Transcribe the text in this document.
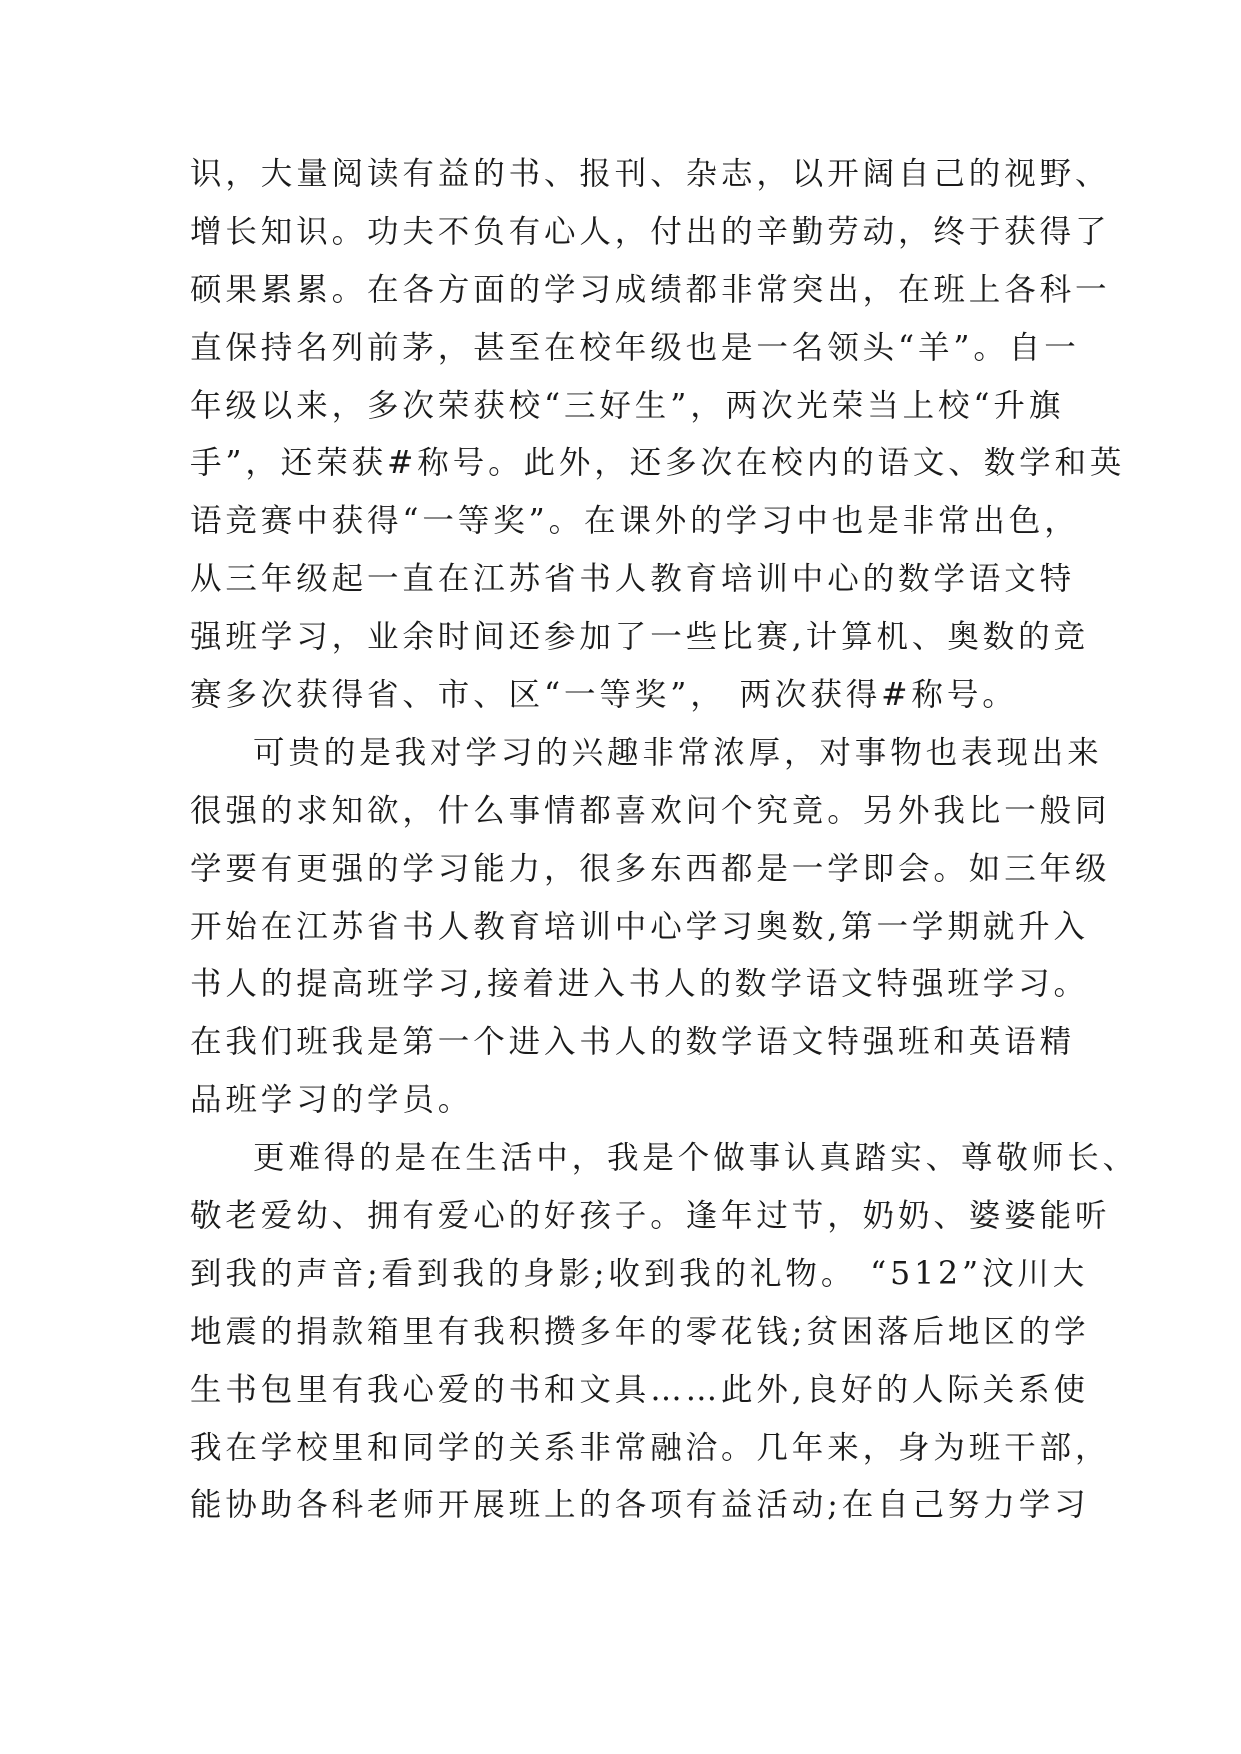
识，大量阅读有益的书、报刊、杂志，以开阔自己的视野、
增长知识。功夫不负有心人，付出的辛勤劳动，终于获得了
硕果累累。在各方面的学习成绩都非常突出，在班上各科一
直保持名列前茅，甚至在校年级也是一名领头“羊”。自一
年级以来，多次荣获校“三好生”，两次光荣当上校“升旗
手”，还荣获#称号。此外，还多次在校内的语文、数学和英
语竞赛中获得“一等奖”。在课外的学习中也是非常出色，
从三年级起一直在江苏省书人教育培训中心的数学语文特
强班学习，业余时间还参加了一些比赛,计算机、奥数的竞
赛多次获得省、市、区“一等奖”， 两次获得#称号。
可贵的是我对学习的兴趣非常浓厚，对事物也表现出来
很强的求知欲，什么事情都喜欢问个究竟。另外我比一般同
学要有更强的学习能力，很多东西都是一学即会。如三年级
开始在江苏省书人教育培训中心学习奥数,第一学期就升入
书人的提高班学习,接着进入书人的数学语文特强班学习。
在我们班我是第一个进入书人的数学语文特强班和英语精
品班学习的学员。
更难得的是在生活中，我是个做事认真踏实、尊敬师长、
敬老爱幼、拥有爱心的好孩子。逢年过节，奶奶、婆婆能听
到我的声音;看到我的身影;收到我的礼物。 “512”汶川大
地震的捐款箱里有我积攒多年的零花钱;贫困落后地区的学
生书包里有我心爱的书和文具……此外,良好的人际关系使
我在学校里和同学的关系非常融洽。几年来，身为班干部，
能协助各科老师开展班上的各项有益活动;在自己努力学习
